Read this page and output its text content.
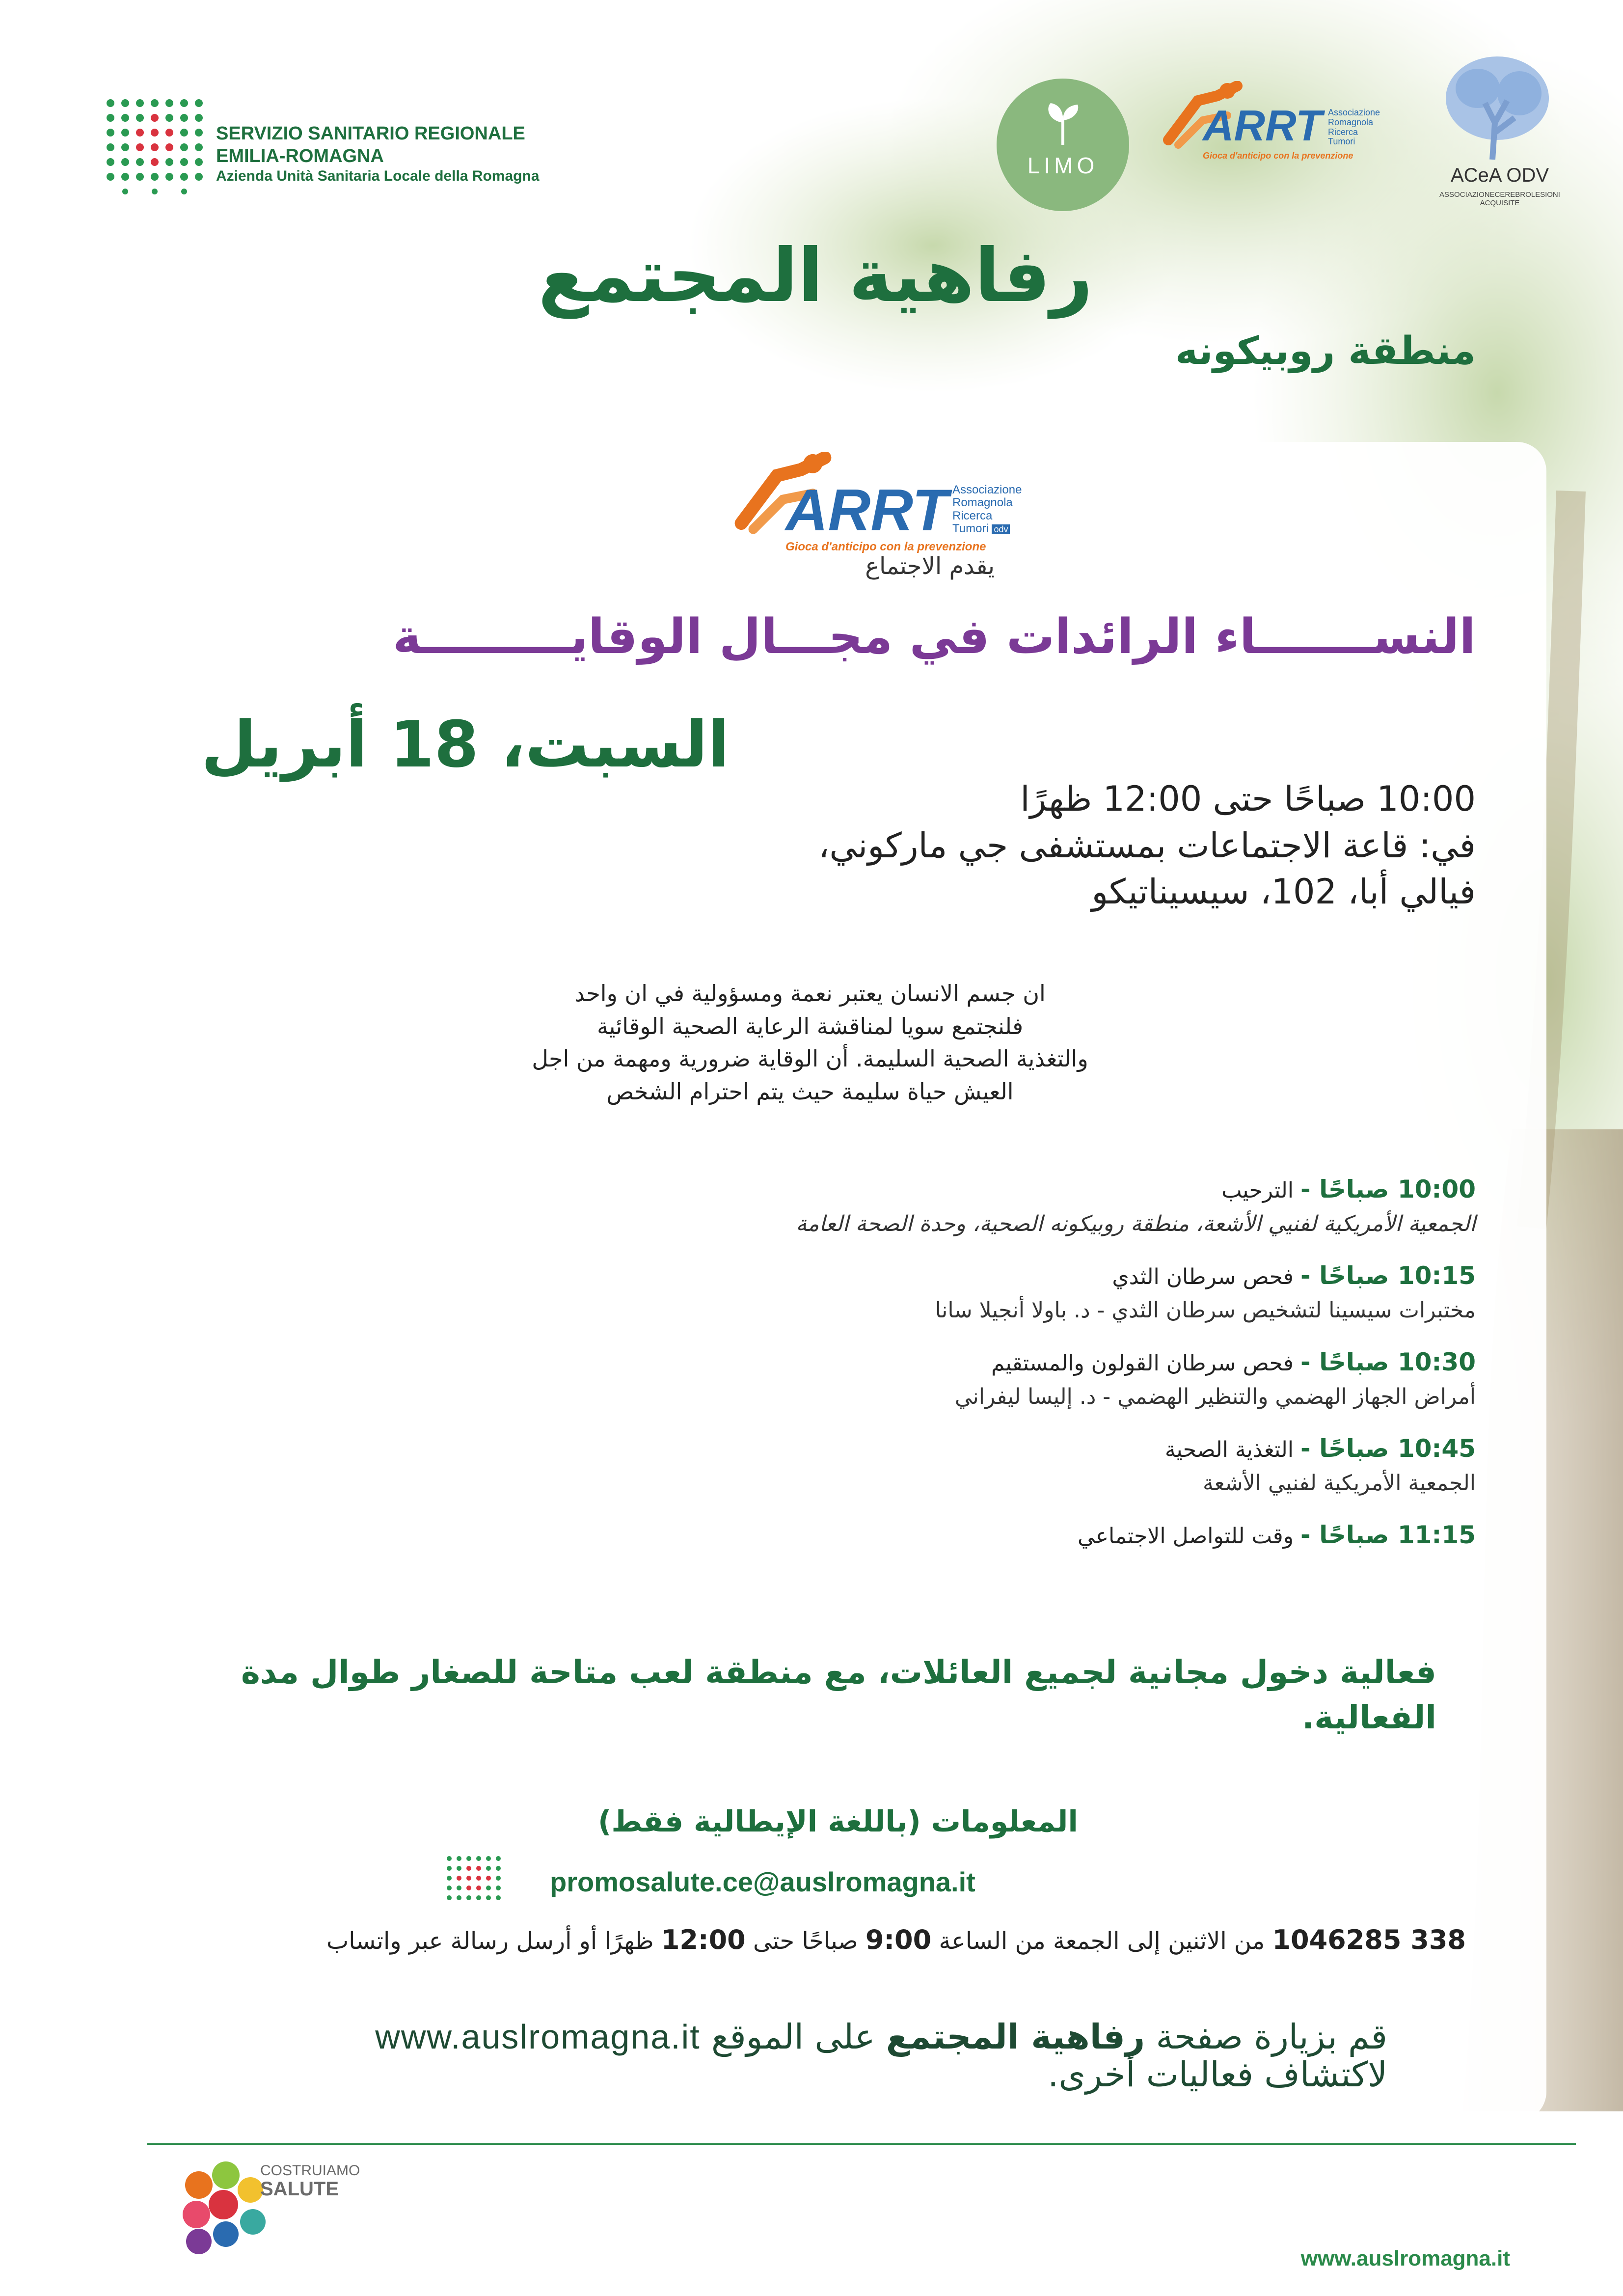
SERVIZIO SANITARIO REGIONALE
EMILIA-ROMAGNA
Azienda Unità Sanitaria Locale della Romagna	LIMO
ARRT Associazione
Romagnola
Ricerca
Tumori
Gioca d'anticipo con la prevenzione
ACeA ODV
ASSOCIAZIONECEREBROLESIONI ACQUISITE
رفاهية المجتمع
منطقة روبيكونه
ARRT Associazione
Romagnola
Ricerca
Tumori odv
Gioca d'anticipo con la prevenzione
يقدم الاجتماع
النســـــــاء الرائدات في مجـــال الوقايـــــــــة
السبت، 18 أبريل
10:00 صباحًا حتى 12:00 ظهرًا
في: قاعة الاجتماعات بمستشفى جي ماركوني،
فيالي أبا، 102، سيسيناتيكو
ان جسم الانسان يعتبر نعمة ومسؤولية في ان واحد
فلنجتمع سويا لمناقشة الرعاية الصحية الوقائية
والتغذية الصحية السليمة. أن الوقاية ضرورية ومهمة من اجل
العيش حياة سليمة حيث يتم احترام الشخص
10:00 صباحًا - الترحيب
الجمعية الأمريكية لفنيي الأشعة، منطقة روبيكونه الصحية، وحدة الصحة العامة
10:15 صباحًا - فحص سرطان الثدي
مختبرات سيسينا لتشخيص سرطان الثدي - د. باولا أنجيلا سانا
10:30 صباحًا - فحص سرطان القولون والمستقيم
أمراض الجهاز الهضمي والتنظير الهضمي - د. إليسا ليفراني
10:45 صباحًا - التغذية الصحية
الجمعية الأمريكية لفنيي الأشعة
11:15 صباحًا - وقت للتواصل الاجتماعي
فعالية دخول مجانية لجميع العائلات، مع منطقة لعب متاحة للصغار طوال مدة الفعالية.
المعلومات (باللغة الإيطالية فقط)
promosalute.ce@auslromagna.it
338 1046285 من الاثنين إلى الجمعة من الساعة 9:00 صباحًا حتى 12:00 ظهرًا أو أرسل رسالة عبر واتساب
قم بزيارة صفحة رفاهية المجتمع على الموقع www.auslromagna.it
لاكتشاف فعاليات أخرى.
COSTRUIAMO
SALUTE
www.auslromagna.it
